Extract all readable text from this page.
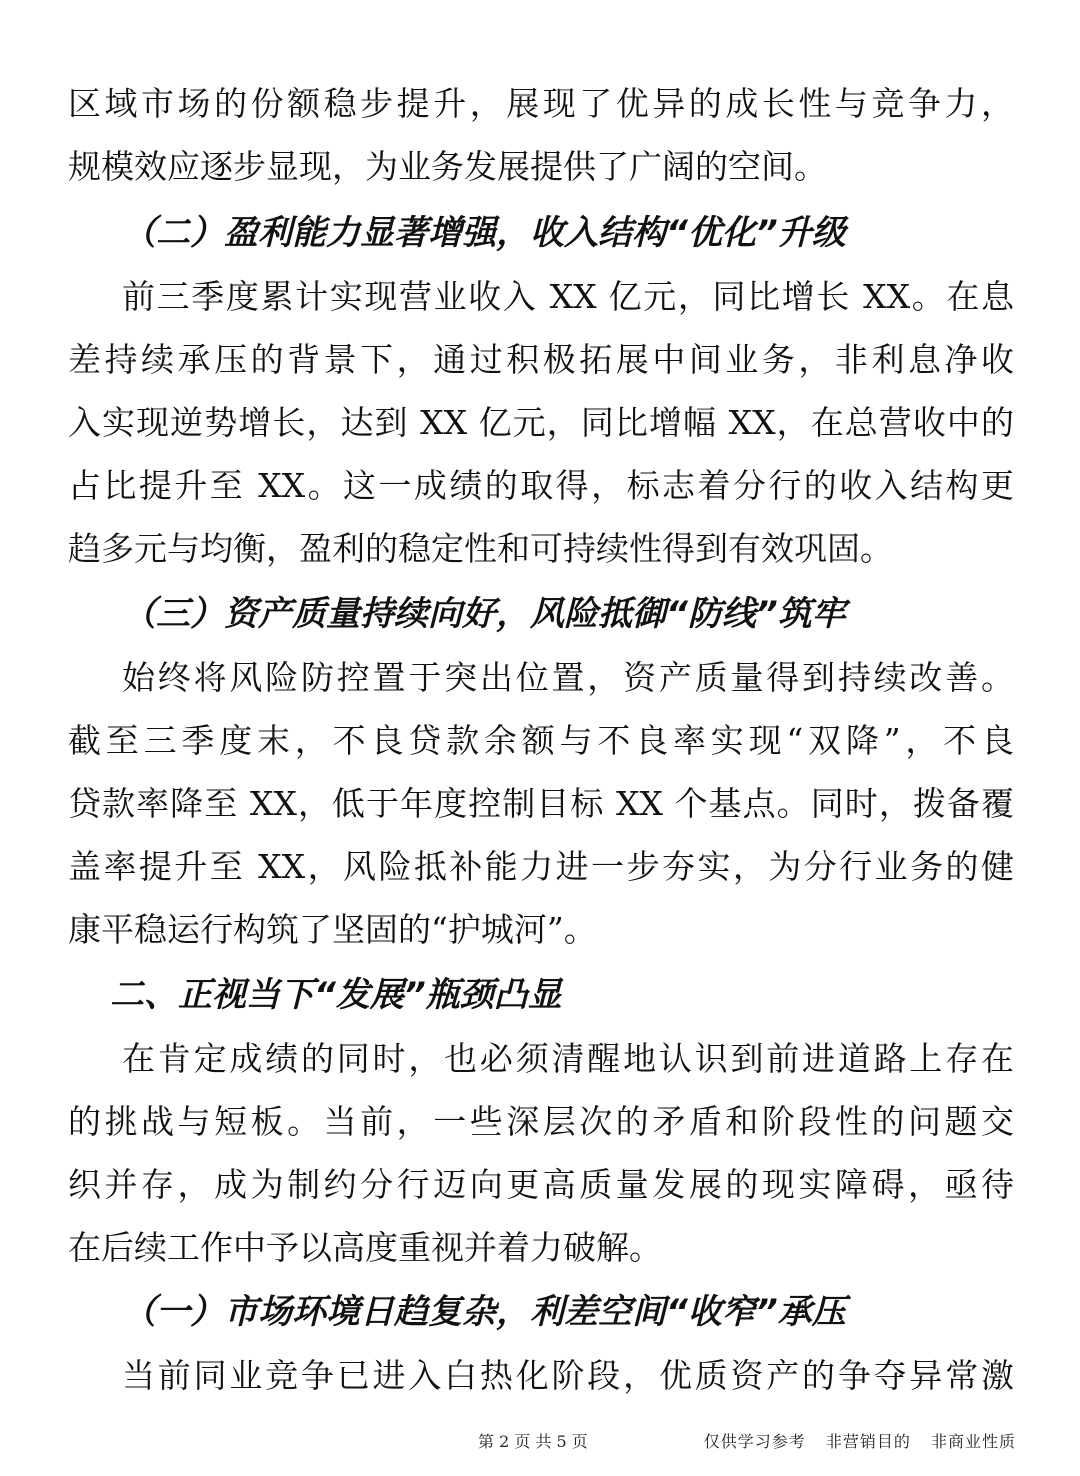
区域市场的份额稳步提升，展现了优异的成长性与竞争力，
规模效应逐步显现，为业务发展提供了广阔的空间。
（二）盈利能力显著增强，收入结构“优化”升级
前三季度累计实现营业收入 XX 亿元，同比增长 XX。在息
差持续承压的背景下，通过积极拓展中间业务，非利息净收
入实现逆势增长，达到 XX 亿元，同比增幅 XX，在总营收中的
占比提升至 XX。这一成绩的取得，标志着分行的收入结构更
趋多元与均衡，盈利的稳定性和可持续性得到有效巩固。
（三）资产质量持续向好，风险抵御“防线”筑牢
始终将风险防控置于突出位置，资产质量得到持续改善。
截至三季度末，不良贷款余额与不良率实现“双降”，不良
贷款率降至 XX，低于年度控制目标 XX 个基点。同时，拨备覆
盖率提升至 XX，风险抵补能力进一步夯实，为分行业务的健
康平稳运行构筑了坚固的“护城河”。
二、正视当下“发展”瓶颈凸显
在肯定成绩的同时，也必须清醒地认识到前进道路上存在
的挑战与短板。当前，一些深层次的矛盾和阶段性的问题交
织并存，成为制约分行迈向更高质量发展的现实障碍，亟待
在后续工作中予以高度重视并着力破解。
（一）市场环境日趋复杂，利差空间“收窄”承压
当前同业竞争已进入白热化阶段，优质资产的争夺异常激
第 2 页 共 5 页	仅供学习参考 非营销目的 非商业性质
